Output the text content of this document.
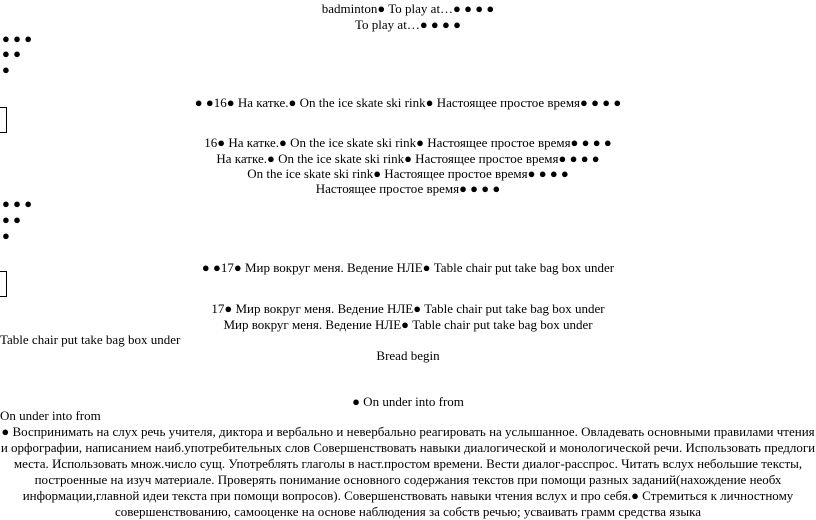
badminton● To play at…● ● ● ●
To play at…● ● ● ●
● ● ●
● ●
●
● ●16● На катке.● On the ice skate ski rink● Настоящее простое время● ● ● ●
16● На катке.● On the ice skate ski rink● Настоящее простое время● ● ● ●
На катке.● On the ice skate ski rink● Настоящее простое время● ● ● ●
On the ice skate ski rink● Настоящее простое время● ● ● ●
Настоящее простое время● ● ● ●
● ● ●
● ●
●
● ●17● Мир вокруг меня. Ведение НЛЕ● Table chair put take bag box under
17● Мир вокруг меня. Ведение НЛЕ● Table chair put take bag box under
Мир вокруг меня. Ведение НЛЕ● Table chair put take bag box under
Table chair put take bag box under
Bread begin
● On under into from
On under into from
● Воспринимать на слух речь учителя, диктора и вербально и невербально реагировать на услышанное. Овладевать основными правилами чтения и орфографии, написанием наиб.употребительных слов Совершенствовать навыки диалогической и монологической речи. Использовать предлоги места. Использовать множ.число сущ. Употреблять глаголы в наст.простом времени. Вести диалог-расспрос. Читать вслух небольшие тексты, построенные на изуч материале. Проверять понимание основного содержания текстов при помощи разных заданий(нахождение необх информации,главной идеи текста при помощи вопросов). Совершенствовать навыки чтения вслух и про себя.● Стремиться к личностному совершенствованию, самооценке на основе наблюдения за собств речью; усваивать грамм средства языка
